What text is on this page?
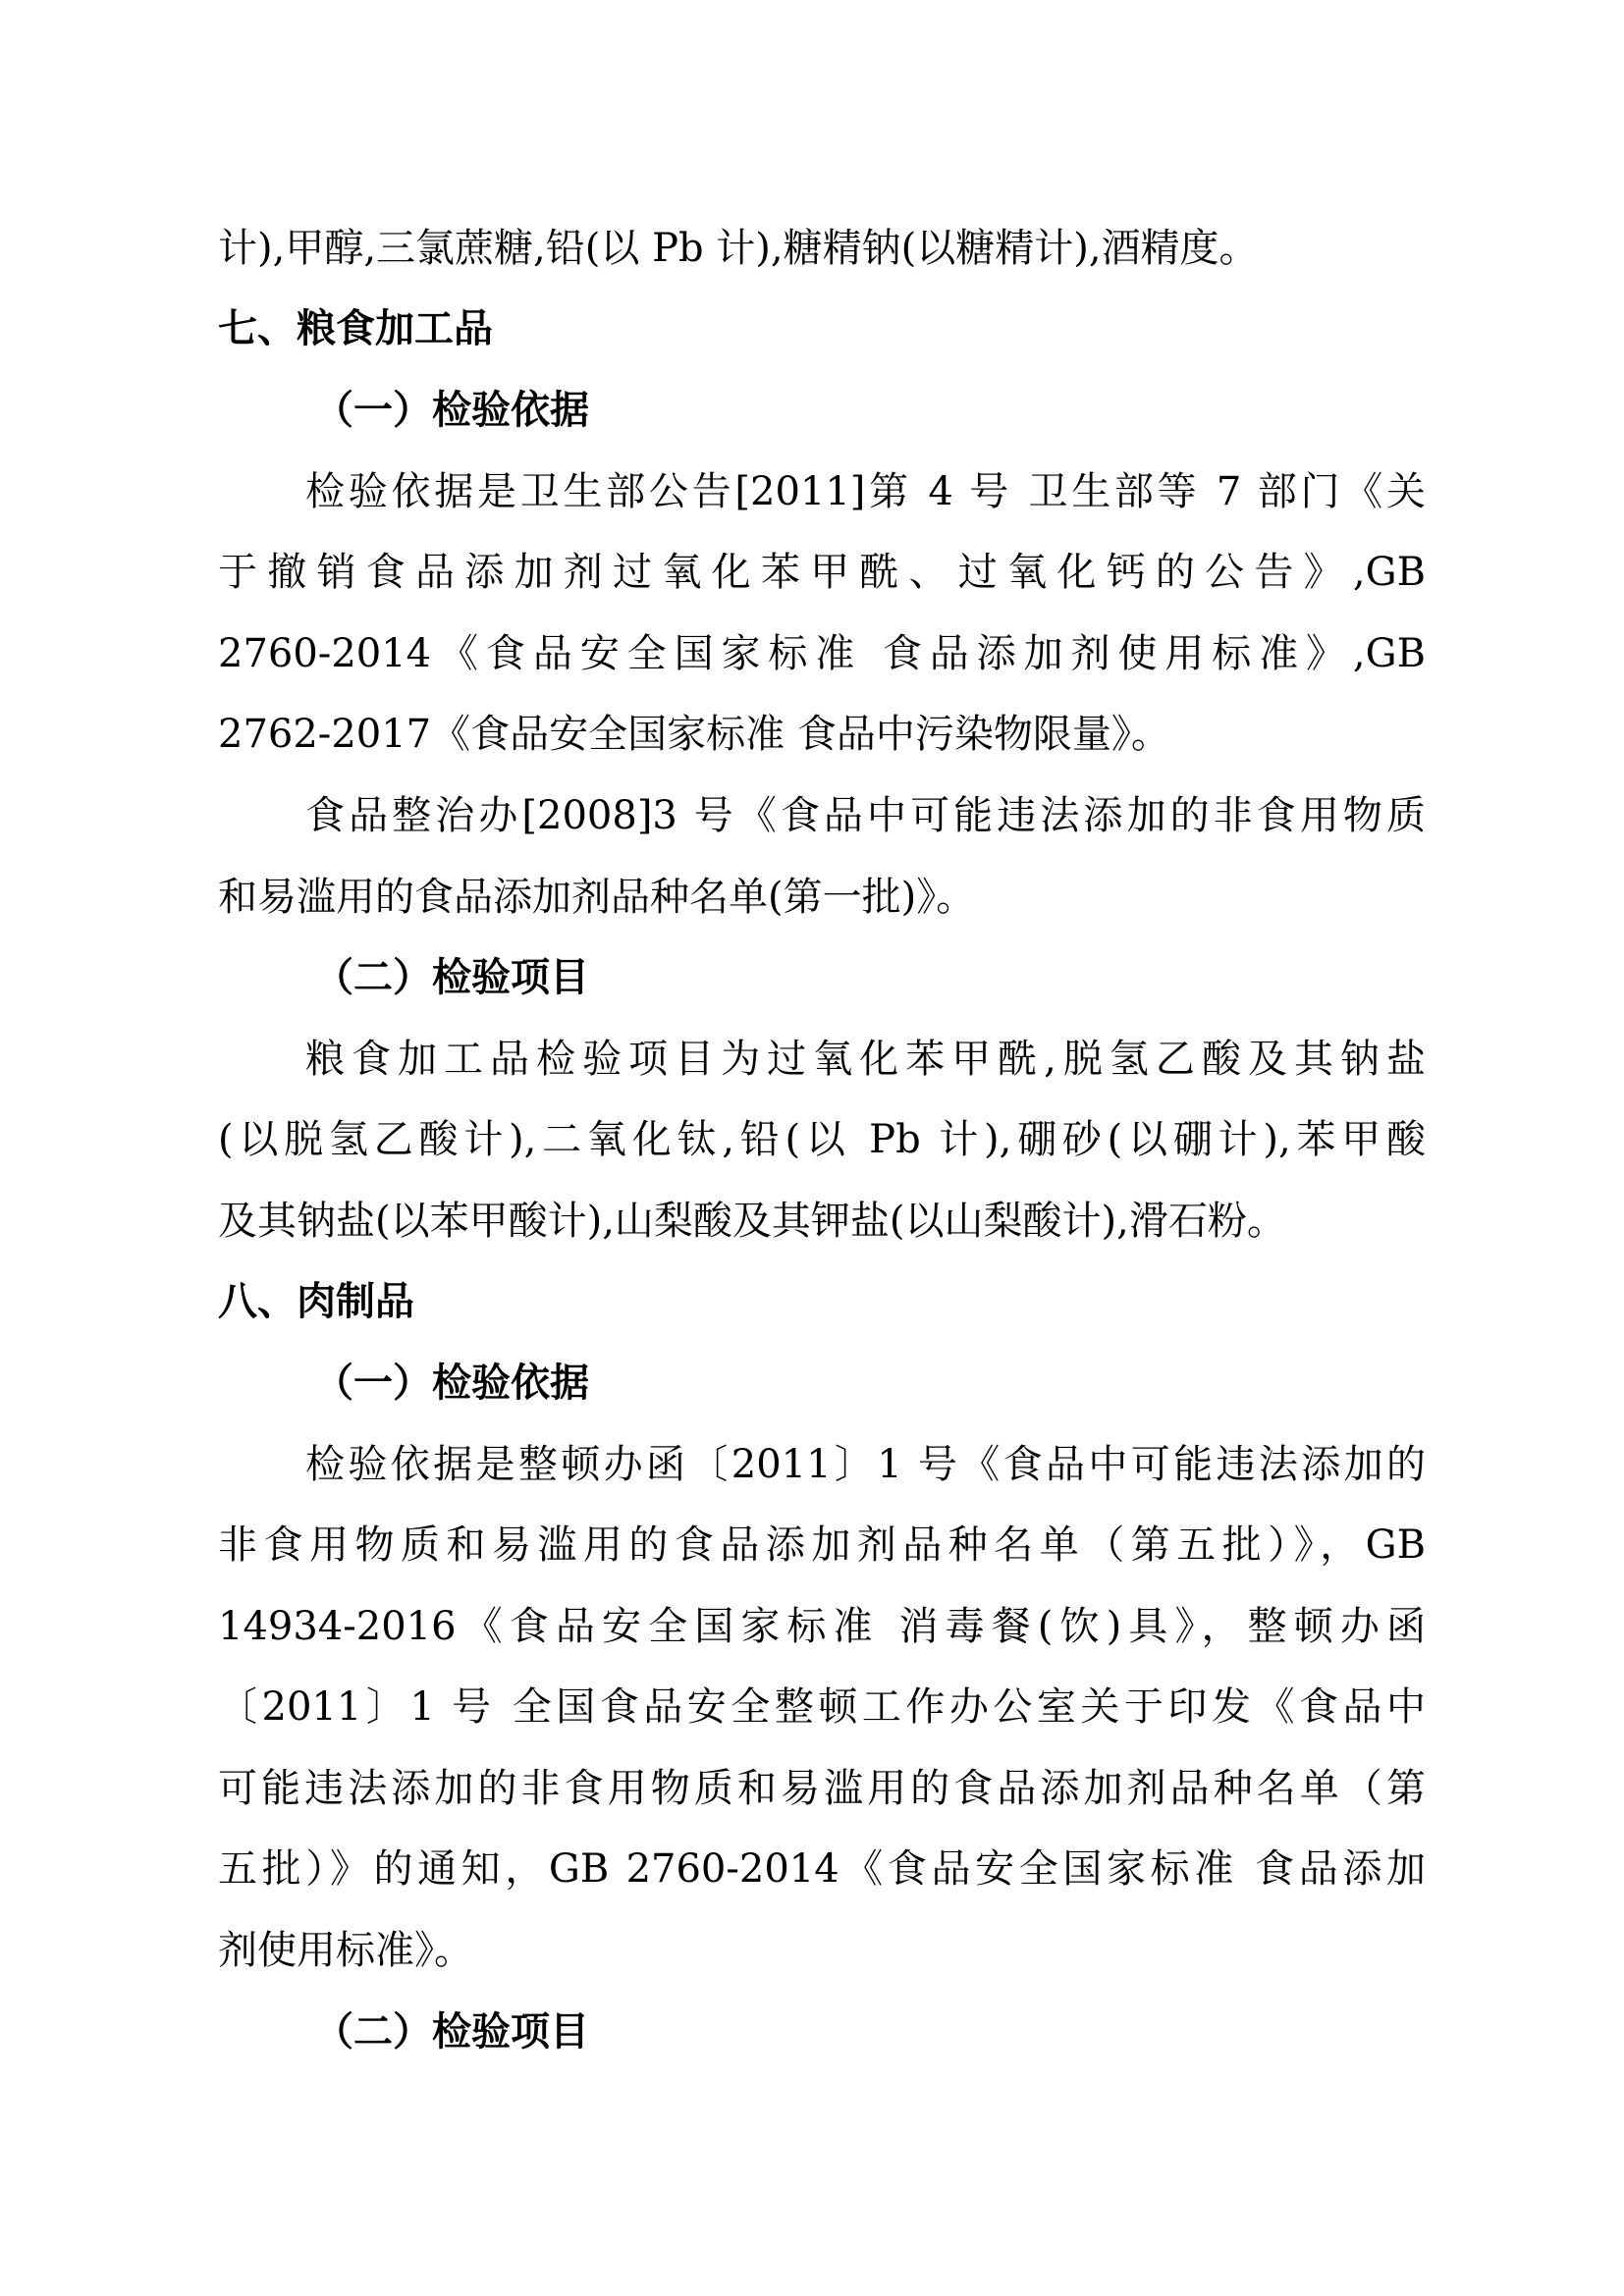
计),甲醇,三氯蔗糖,铅(以 Pb 计),糖精钠(以糖精计),酒精度。
七、粮食加工品
（一）检验依据
检验依据是卫生部公告[2011]第 4 号 卫生部等 7 部门《关
于撤销食品添加剂过氧化苯甲酰、过氧化钙的公告》,GB
2760-2014《食品安全国家标准 食品添加剂使用标准》,GB
2762-2017《食品安全国家标准 食品中污染物限量》。
食品整治办[2008]3 号《食品中可能违法添加的非食用物质
和易滥用的食品添加剂品种名单(第一批)》。
（二）检验项目
粮食加工品检验项目为过氧化苯甲酰,脱氢乙酸及其钠盐
(以脱氢乙酸计),二氧化钛,铅(以 Pb 计),硼砂(以硼计),苯甲酸
及其钠盐(以苯甲酸计),山梨酸及其钾盐(以山梨酸计),滑石粉。
八、肉制品
（一）检验依据
检验依据是整顿办函〔2011〕1 号《食品中可能违法添加的
非食用物质和易滥用的食品添加剂品种名单（第五批）》，GB
14934-2016《食品安全国家标准 消毒餐(饮)具》，整顿办函
〔2011〕1 号 全国食品安全整顿工作办公室关于印发《食品中
可能违法添加的非食用物质和易滥用的食品添加剂品种名单（第
五批）》的通知，GB 2760-2014《食品安全国家标准 食品添加
剂使用标准》。
（二）检验项目
